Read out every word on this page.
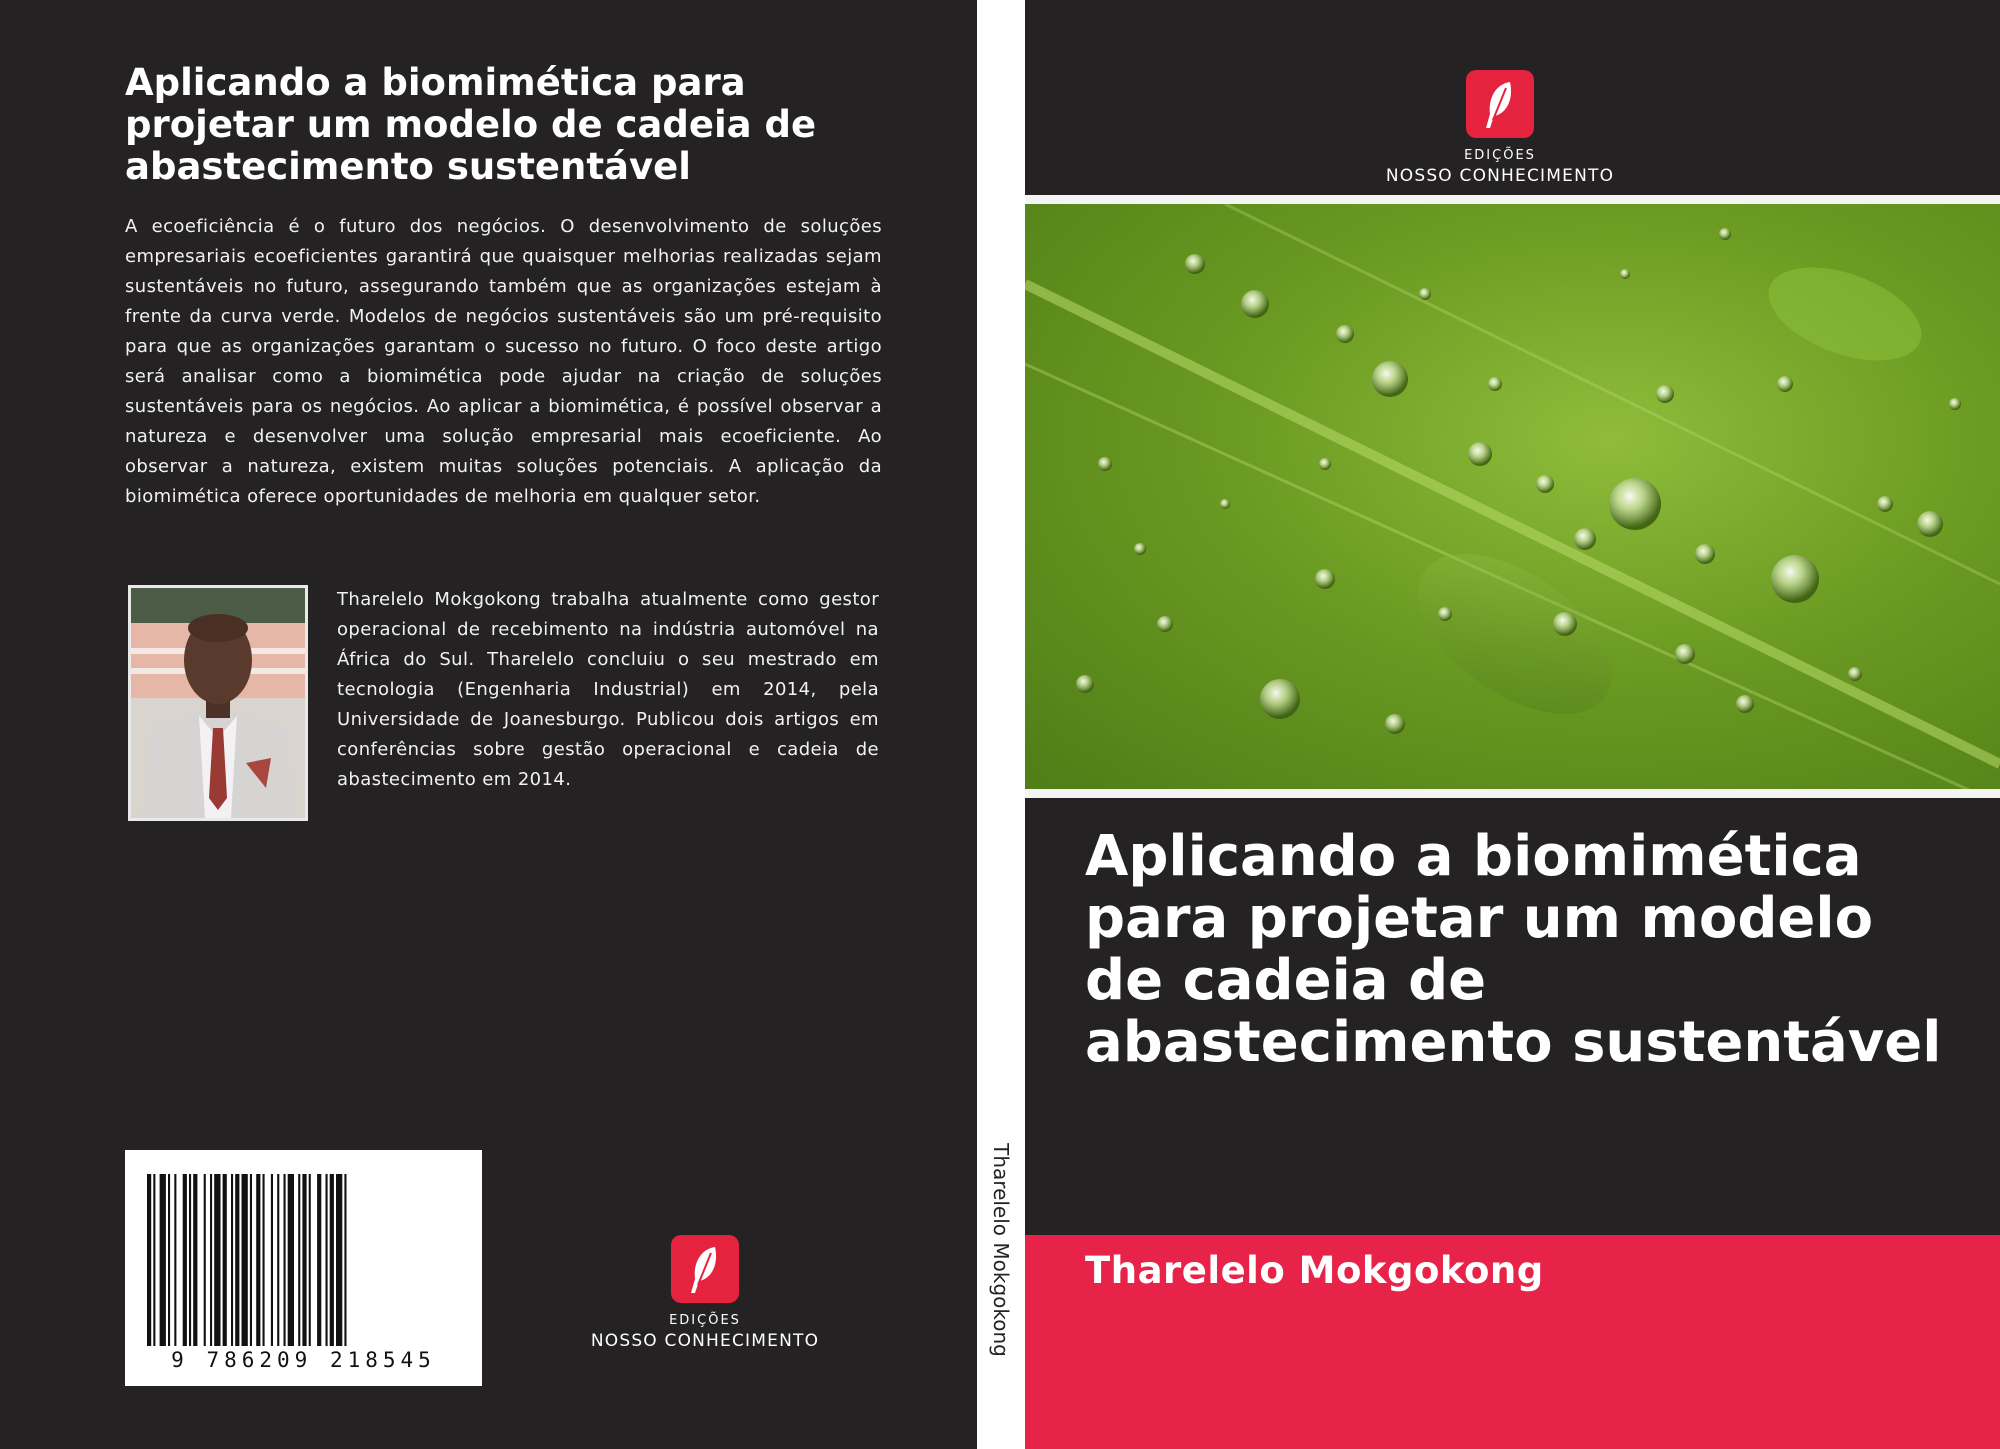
Aplicando a biomimética para projetar um modelo de cadeia de abastecimento sustentável

A ecoeficiência é o futuro dos negócios. O desenvolvimento de soluções empresariais ecoeficientes garantirá que quaisquer melhorias realizadas sejam sustentáveis no futuro, assegurando também que as organizações estejam à frente da curva verde. Modelos de negócios sustentáveis são um pré-requisito para que as organizações garantam o sucesso no futuro. O foco deste artigo será analisar como a biomimética pode ajudar na criação de soluções sustentáveis para os negócios. Ao aplicar a biomimética, é possível observar a natureza e desenvolver uma solução empresarial mais ecoeficiente. Ao observar a natureza, existem muitas soluções potenciais. A aplicação da biomimética oferece oportunidades de melhoria em qualquer setor.

Tharelelo Mokgokong trabalha atualmente como gestor operacional de recebimento na indústria automóvel na África do Sul. Tharelelo concluiu o seu mestrado em tecnologia (Engenharia Industrial) em 2014, pela Universidade de Joanesburgo. Publicou dois artigos em conferências sobre gestão operacional e cadeia de abastecimento em 2014.

9 786209 218545
EDIÇÕES
NOSSO CONHECIMENTO	Tharelelo Mokgokong
EDIÇÕES
NOSSO CONHECIMENTO
Aplicando a biomimética para projetar um modelo de cadeia de abastecimento sustentável
Tharelelo Mokgokong
